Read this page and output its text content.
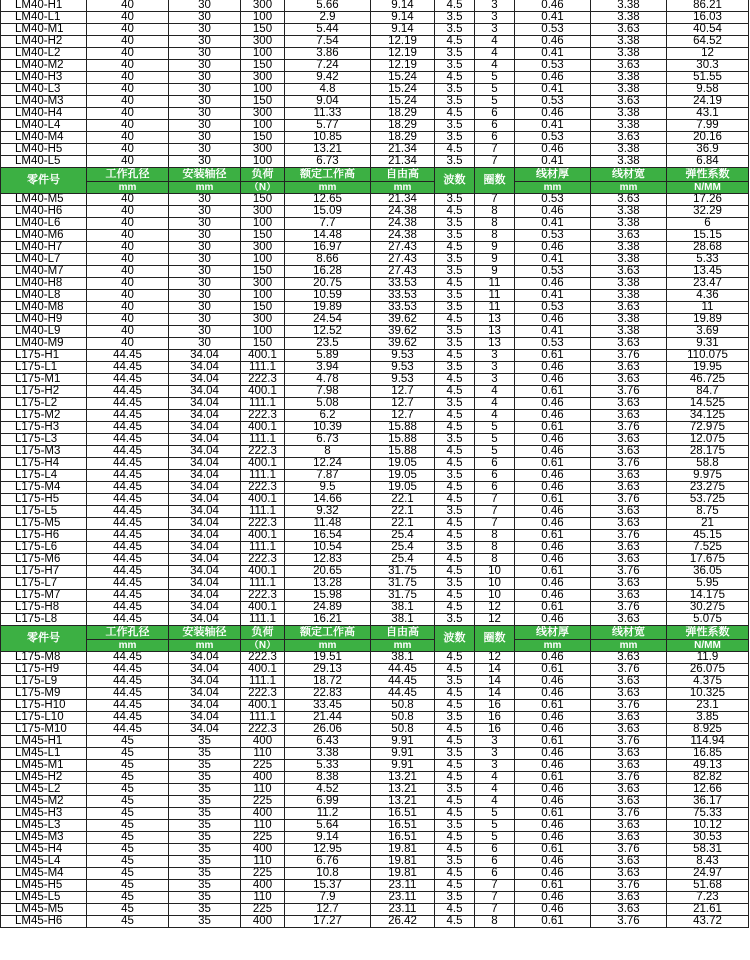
LM40-H1	40	30	300	5.66	9.14	4.5	3	0.46	3.38	86.21
LM40-L1	40	30	100	2.9	9.14	3.5	3	0.41	3.38	16.03
LM40-M1	40	30	150	5.44	9.14	3.5	3	0.53	3.63	40.54
LM40-H2	40	30	300	7.54	12.19	4.5	4	0.46	3.38	64.52
LM40-L2	40	30	100	3.86	12.19	3.5	4	0.41	3.38	12
LM40-M2	40	30	150	7.24	12.19	3.5	4	0.53	3.63	30.3
LM40-H3	40	30	300	9.42	15.24	4.5	5	0.46	3.38	51.55
LM40-L3	40	30	100	4.8	15.24	3.5	5	0.41	3.38	9.58
LM40-M3	40	30	150	9.04	15.24	3.5	5	0.53	3.63	24.19
LM40-H4	40	30	300	11.33	18.29	4.5	6	0.46	3.38	43.1
LM40-L4	40	30	100	5.77	18.29	3.5	6	0.41	3.38	7.99
LM40-M4	40	30	150	10.85	18.29	3.5	6	0.53	3.63	20.16
LM40-H5	40	30	300	13.21	21.34	4.5	7	0.46	3.38	36.9
LM40-L5	40	30	100	6.73	21.34	3.5	7	0.41	3.38	6.84
零件号	工作孔径	安装轴径	负荷	额定工作高	自由高	波数	圈数	线材厚	线材宽	弹性系数
	mm	mm	（N）	mm	mm			mm	mm	N/MM
LM40-M5	40	30	150	12.65	21.34	3.5	7	0.53	3.63	17.26
LM40-H6	40	30	300	15.09	24.38	4.5	8	0.46	3.38	32.29
LM40-L6	40	30	100	7.7	24.38	3.5	8	0.41	3.38	6
LM40-M6	40	30	150	14.48	24.38	3.5	8	0.53	3.63	15.15
LM40-H7	40	30	300	16.97	27.43	4.5	9	0.46	3.38	28.68
LM40-L7	40	30	100	8.66	27.43	3.5	9	0.41	3.38	5.33
LM40-M7	40	30	150	16.28	27.43	3.5	9	0.53	3.63	13.45
LM40-H8	40	30	300	20.75	33.53	4.5	11	0.46	3.38	23.47
LM40-L8	40	30	100	10.59	33.53	3.5	11	0.41	3.38	4.36
LM40-M8	40	30	150	19.89	33.53	3.5	11	0.53	3.63	11
LM40-H9	40	30	300	24.54	39.62	4.5	13	0.46	3.38	19.89
LM40-L9	40	30	100	12.52	39.62	3.5	13	0.41	3.38	3.69
LM40-M9	40	30	150	23.5	39.62	3.5	13	0.53	3.63	9.31
L175-H1	44.45	34.04	400.1	5.89	9.53	4.5	3	0.61	3.76	110.075
L175-L1	44.45	34.04	111.1	3.94	9.53	3.5	3	0.46	3.63	19.95
L175-M1	44.45	34.04	222.3	4.78	9.53	4.5	3	0.46	3.63	46.725
L175-H2	44.45	34.04	400.1	7.98	12.7	4.5	4	0.61	3.76	84.7
L175-L2	44.45	34.04	111.1	5.08	12.7	3.5	4	0.46	3.63	14.525
L175-M2	44.45	34.04	222.3	6.2	12.7	4.5	4	0.46	3.63	34.125
L175-H3	44.45	34.04	400.1	10.39	15.88	4.5	5	0.61	3.76	72.975
L175-L3	44.45	34.04	111.1	6.73	15.88	3.5	5	0.46	3.63	12.075
L175-M3	44.45	34.04	222.3	8	15.88	4.5	5	0.46	3.63	28.175
L175-H4	44.45	34.04	400.1	12.24	19.05	4.5	6	0.61	3.76	58.8
L175-L4	44.45	34.04	111.1	7.87	19.05	3.5	6	0.46	3.63	9.975
L175-M4	44.45	34.04	222.3	9.5	19.05	4.5	6	0.46	3.63	23.275
L175-H5	44.45	34.04	400.1	14.66	22.1	4.5	7	0.61	3.76	53.725
L175-L5	44.45	34.04	111.1	9.32	22.1	3.5	7	0.46	3.63	8.75
L175-M5	44.45	34.04	222.3	11.48	22.1	4.5	7	0.46	3.63	21
L175-H6	44.45	34.04	400.1	16.54	25.4	4.5	8	0.61	3.76	45.15
L175-L6	44.45	34.04	111.1	10.54	25.4	3.5	8	0.46	3.63	7.525
L175-M6	44.45	34.04	222.3	12.83	25.4	4.5	8	0.46	3.63	17.675
L175-H7	44.45	34.04	400.1	20.65	31.75	4.5	10	0.61	3.76	36.05
L175-L7	44.45	34.04	111.1	13.28	31.75	3.5	10	0.46	3.63	5.95
L175-M7	44.45	34.04	222.3	15.98	31.75	4.5	10	0.46	3.63	14.175
L175-H8	44.45	34.04	400.1	24.89	38.1	4.5	12	0.61	3.76	30.275
L175-L8	44.45	34.04	111.1	16.21	38.1	3.5	12	0.46	3.63	5.075
零件号	工作孔径	安装轴径	负荷	额定工作高	自由高	波数	圈数	线材厚	线材宽	弹性系数
	mm	mm	（N）	mm	mm			mm	mm	N/MM
L175-M8	44.45	34.04	222.3	19.51	38.1	4.5	12	0.46	3.63	11.9
L175-H9	44.45	34.04	400.1	29.13	44.45	4.5	14	0.61	3.76	26.075
L175-L9	44.45	34.04	111.1	18.72	44.45	3.5	14	0.46	3.63	4.375
L175-M9	44.45	34.04	222.3	22.83	44.45	4.5	14	0.46	3.63	10.325
L175-H10	44.45	34.04	400.1	33.45	50.8	4.5	16	0.61	3.76	23.1
L175-L10	44.45	34.04	111.1	21.44	50.8	3.5	16	0.46	3.63	3.85
L175-M10	44.45	34.04	222.3	26.06	50.8	4.5	16	0.46	3.63	8.925
LM45-H1	45	35	400	6.43	9.91	4.5	3	0.61	3.76	114.94
LM45-L1	45	35	110	3.38	9.91	3.5	3	0.46	3.63	16.85
LM45-M1	45	35	225	5.33	9.91	4.5	3	0.46	3.63	49.13
LM45-H2	45	35	400	8.38	13.21	4.5	4	0.61	3.76	82.82
LM45-L2	45	35	110	4.52	13.21	3.5	4	0.46	3.63	12.66
LM45-M2	45	35	225	6.99	13.21	4.5	4	0.46	3.63	36.17
LM45-H3	45	35	400	11.2	16.51	4.5	5	0.61	3.76	75.33
LM45-L3	45	35	110	5.64	16.51	3.5	5	0.46	3.63	10.12
LM45-M3	45	35	225	9.14	16.51	4.5	5	0.46	3.63	30.53
LM45-H4	45	35	400	12.95	19.81	4.5	6	0.61	3.76	58.31
LM45-L4	45	35	110	6.76	19.81	3.5	6	0.46	3.63	8.43
LM45-M4	45	35	225	10.8	19.81	4.5	6	0.46	3.63	24.97
LM45-H5	45	35	400	15.37	23.11	4.5	7	0.61	3.76	51.68
LM45-L5	45	35	110	7.9	23.11	3.5	7	0.46	3.63	7.23
LM45-M5	45	35	225	12.7	23.11	4.5	7	0.46	3.63	21.61
LM45-H6	45	35	400	17.27	26.42	4.5	8	0.61	3.76	43.72
